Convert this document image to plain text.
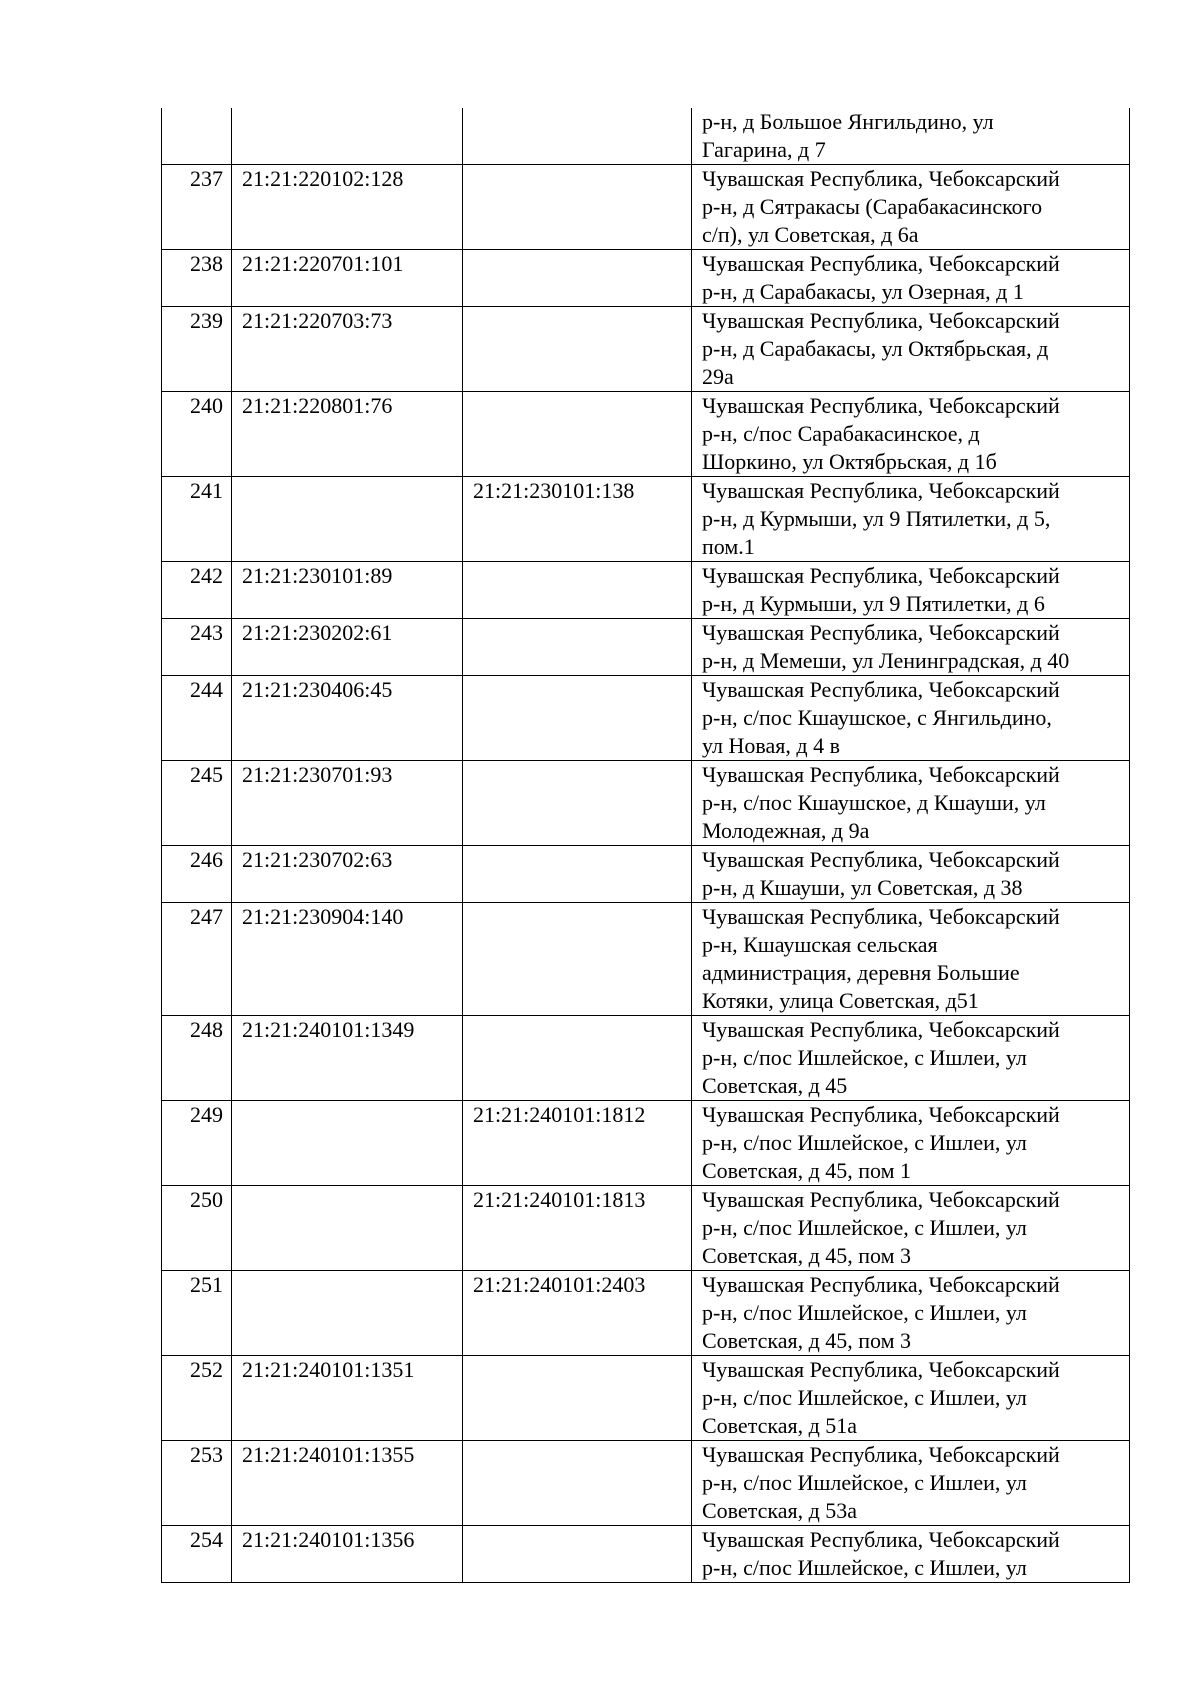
			р-н, д Большое Янгильдино, ул
Гагарина, д 7
237	21:21:220102:128		Чувашская Республика, Чебоксарский
р-н, д Сятракасы (Сарабакасинского
с/п), ул Советская, д 6а
238	21:21:220701:101		Чувашская Республика, Чебоксарский
р-н, д Сарабакасы, ул Озерная, д 1
239	21:21:220703:73		Чувашская Республика, Чебоксарский
р-н, д Сарабакасы, ул Октябрьская, д
29а
240	21:21:220801:76		Чувашская Республика, Чебоксарский
р-н, с/пос Сарабакасинское, д
Шоркино, ул Октябрьская, д 1б
241		21:21:230101:138	Чувашская Республика, Чебоксарский
р-н, д Курмыши, ул 9 Пятилетки, д 5,
пом.1
242	21:21:230101:89		Чувашская Республика, Чебоксарский
р-н, д Курмыши, ул 9 Пятилетки, д 6
243	21:21:230202:61		Чувашская Республика, Чебоксарский
р-н, д Мемеши, ул Ленинградская, д 40
244	21:21:230406:45		Чувашская Республика, Чебоксарский
р-н, с/пос Кшаушское, с Янгильдино,
ул Новая, д 4 в
245	21:21:230701:93		Чувашская Республика, Чебоксарский
р-н, с/пос Кшаушское, д Кшауши, ул
Молодежная, д 9а
246	21:21:230702:63		Чувашская Республика, Чебоксарский
р-н, д Кшауши, ул Советская, д 38
247	21:21:230904:140		Чувашская Республика, Чебоксарский
р-н, Кшаушская сельская
администрация, деревня Большие
Котяки, улица Советская, д51
248	21:21:240101:1349		Чувашская Республика, Чебоксарский
р-н, с/пос Ишлейское, с Ишлеи, ул
Советская, д 45
249		21:21:240101:1812	Чувашская Республика, Чебоксарский
р-н, с/пос Ишлейское, с Ишлеи, ул
Советская, д 45, пом 1
250		21:21:240101:1813	Чувашская Республика, Чебоксарский
р-н, с/пос Ишлейское, с Ишлеи, ул
Советская, д 45, пом 3
251		21:21:240101:2403	Чувашская Республика, Чебоксарский
р-н, с/пос Ишлейское, с Ишлеи, ул
Советская, д 45, пом 3
252	21:21:240101:1351		Чувашская Республика, Чебоксарский
р-н, с/пос Ишлейское, с Ишлеи, ул
Советская, д 51а
253	21:21:240101:1355		Чувашская Республика, Чебоксарский
р-н, с/пос Ишлейское, с Ишлеи, ул
Советская, д 53а
254	21:21:240101:1356		Чувашская Республика, Чебоксарский
р-н, с/пос Ишлейское, с Ишлеи, ул
